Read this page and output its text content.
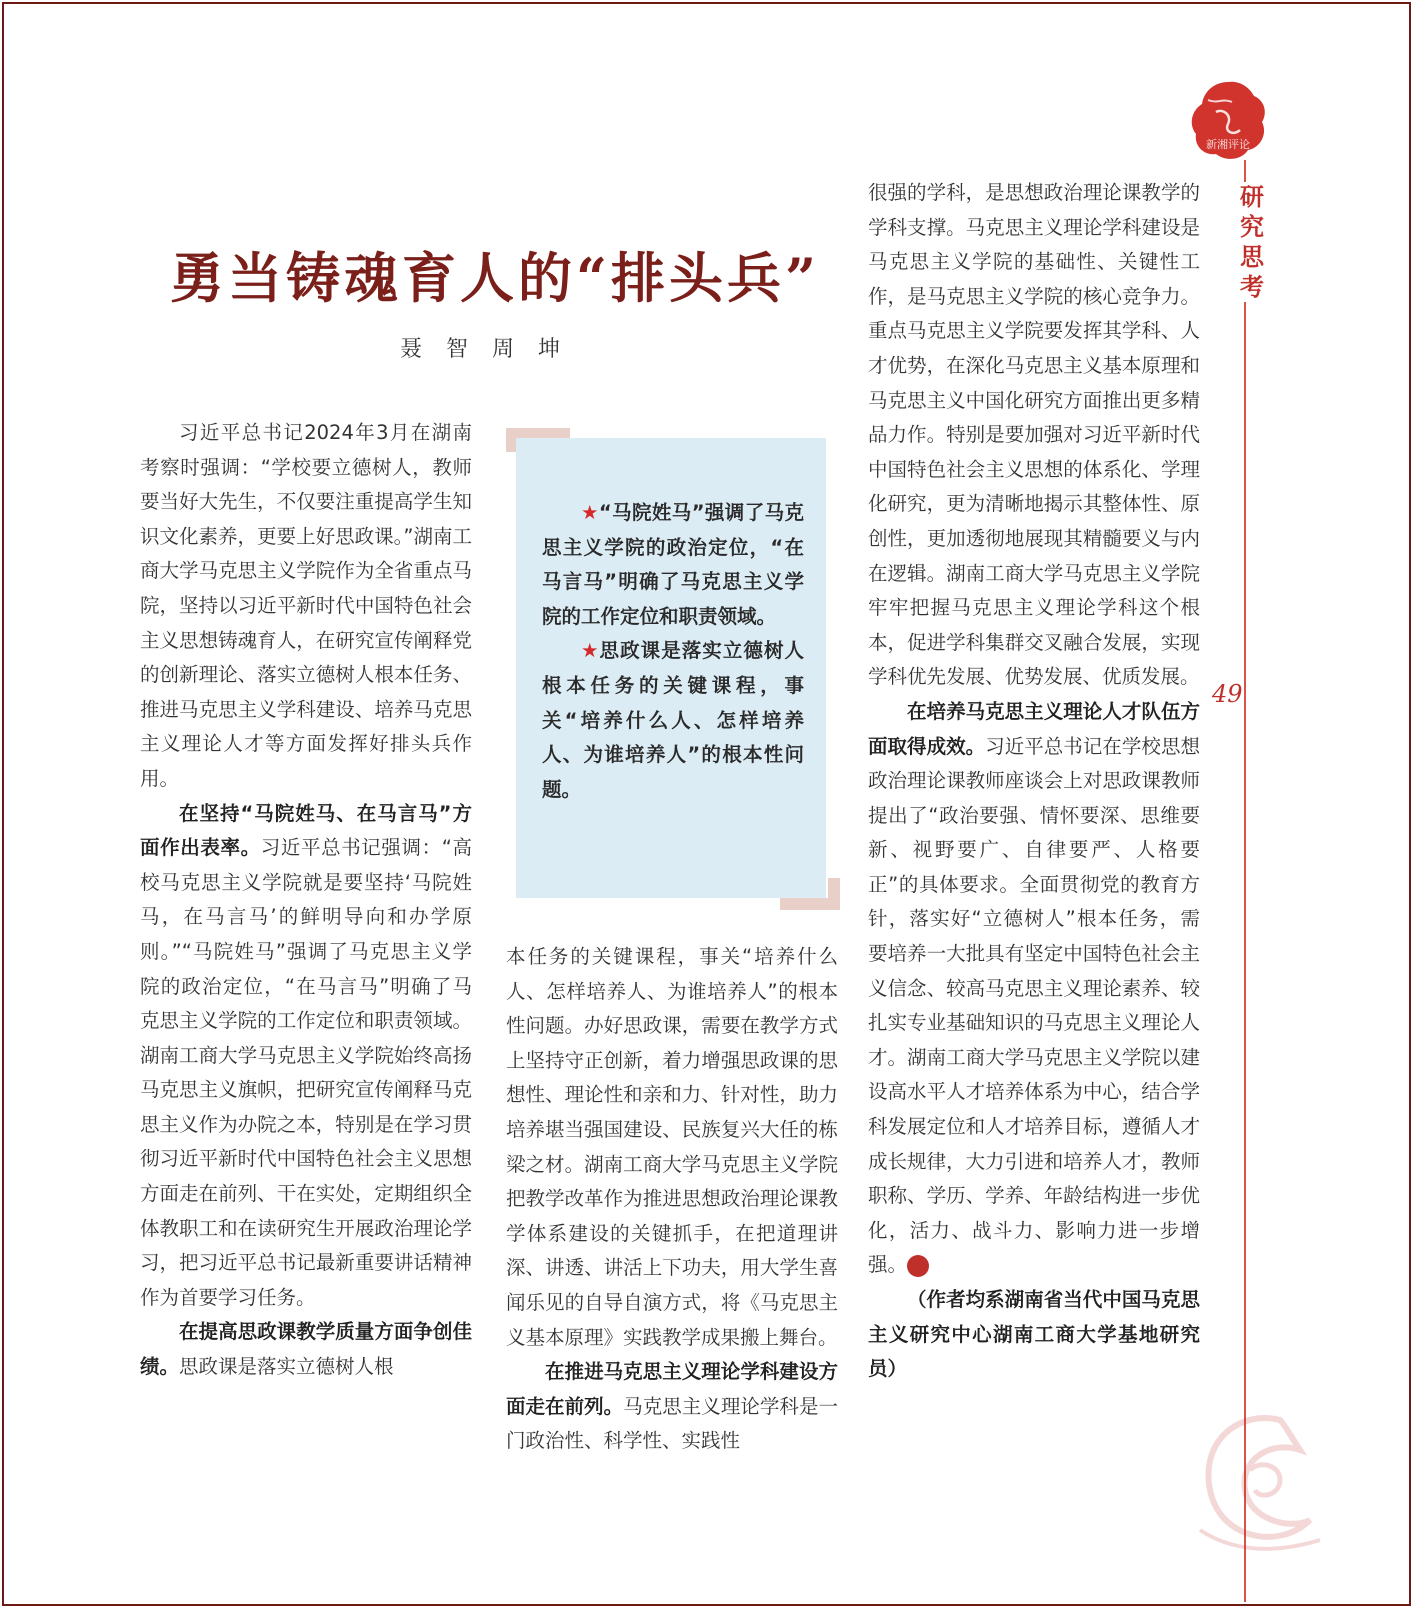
新湘评论
研
究
思
考
49
勇当铸魂育人的“排头兵”
聂智周坤

习近平总书记2024年3月在湖南考察时强调：“学校要立德树人，教师要当好大先生，不仅要注重提高学生知识文化素养，更要上好思政课。”湖南工商大学马克思主义学院作为全省重点马院，坚持以习近平新时代中国特色社会主义思想铸魂育人，在研究宣传阐释党的创新理论、落实立德树人根本任务、推进马克思主义学科建设、培养马克思主义理论人才等方面发挥好排头兵作用。

在坚持“马院姓马、在马言马”方面作出表率。习近平总书记强调：“高校马克思主义学院就是要坚持‘马院姓马，在马言马’的鲜明导向和办学原则。”“马院姓马”强调了马克思主义学院的政治定位，“在马言马”明确了马克思主义学院的工作定位和职责领域。湖南工商大学马克思主义学院始终高扬马克思主义旗帜，把研究宣传阐释马克思主义作为办院之本，特别是在学习贯彻习近平新时代中国特色社会主义思想方面走在前列、干在实处，定期组织全体教职工和在读研究生开展政治理论学习，把习近平总书记最新重要讲话精神作为首要学习任务。

在提高思政课教学质量方面争创佳绩。思政课是落实立德树人根

★“马院姓马”强调了马克思主义学院的政治定位，“在马言马”明确了马克思主义学院的工作定位和职责领域。

★思政课是落实立德树人根本任务的关键课程，事关“培养什么人、怎样培养人、为谁培养人”的根本性问题。

本任务的关键课程，事关“培养什么人、怎样培养人、为谁培养人”的根本性问题。办好思政课，需要在教学方式上坚持守正创新，着力增强思政课的思想性、理论性和亲和力、针对性，助力培养堪当强国建设、民族复兴大任的栋梁之材。湖南工商大学马克思主义学院把教学改革作为推进思想政治理论课教学体系建设的关键抓手，在把道理讲深、讲透、讲活上下功夫，用大学生喜闻乐见的自导自演方式，将《马克思主义基本原理》实践教学成果搬上舞台。

在推进马克思主义理论学科建设方面走在前列。马克思主义理论学科是一门政治性、科学性、实践性

很强的学科，是思想政治理论课教学的学科支撑。马克思主义理论学科建设是马克思主义学院的基础性、关键性工作，是马克思主义学院的核心竞争力。重点马克思主义学院要发挥其学科、人才优势，在深化马克思主义基本原理和马克思主义中国化研究方面推出更多精品力作。特别是要加强对习近平新时代中国特色社会主义思想的体系化、学理化研究，更为清晰地揭示其整体性、原创性，更加透彻地展现其精髓要义与内在逻辑。湖南工商大学马克思主义学院牢牢把握马克思主义理论学科这个根本，促进学科集群交叉融合发展，实现学科优先发展、优势发展、优质发展。

在培养马克思主义理论人才队伍方面取得成效。习近平总书记在学校思想政治理论课教师座谈会上对思政课教师提出了“政治要强、情怀要深、思维要新、视野要广、自律要严、人格要正”的具体要求。全面贯彻党的教育方针，落实好“立德树人”根本任务，需要培养一大批具有坚定中国特色社会主义信念、较高马克思主义理论素养、较扎实专业基础知识的马克思主义理论人才。湖南工商大学马克思主义学院以建设高水平人才培养体系为中心，结合学科发展定位和人才培养目标，遵循人才成长规律，大力引进和培养人才，教师职称、学历、学养、年龄结构进一步优化，活力、战斗力、影响力进一步增强。	湘

（作者均系湖南省当代中国马克思主义研究中心湖南工商大学基地研究员）
